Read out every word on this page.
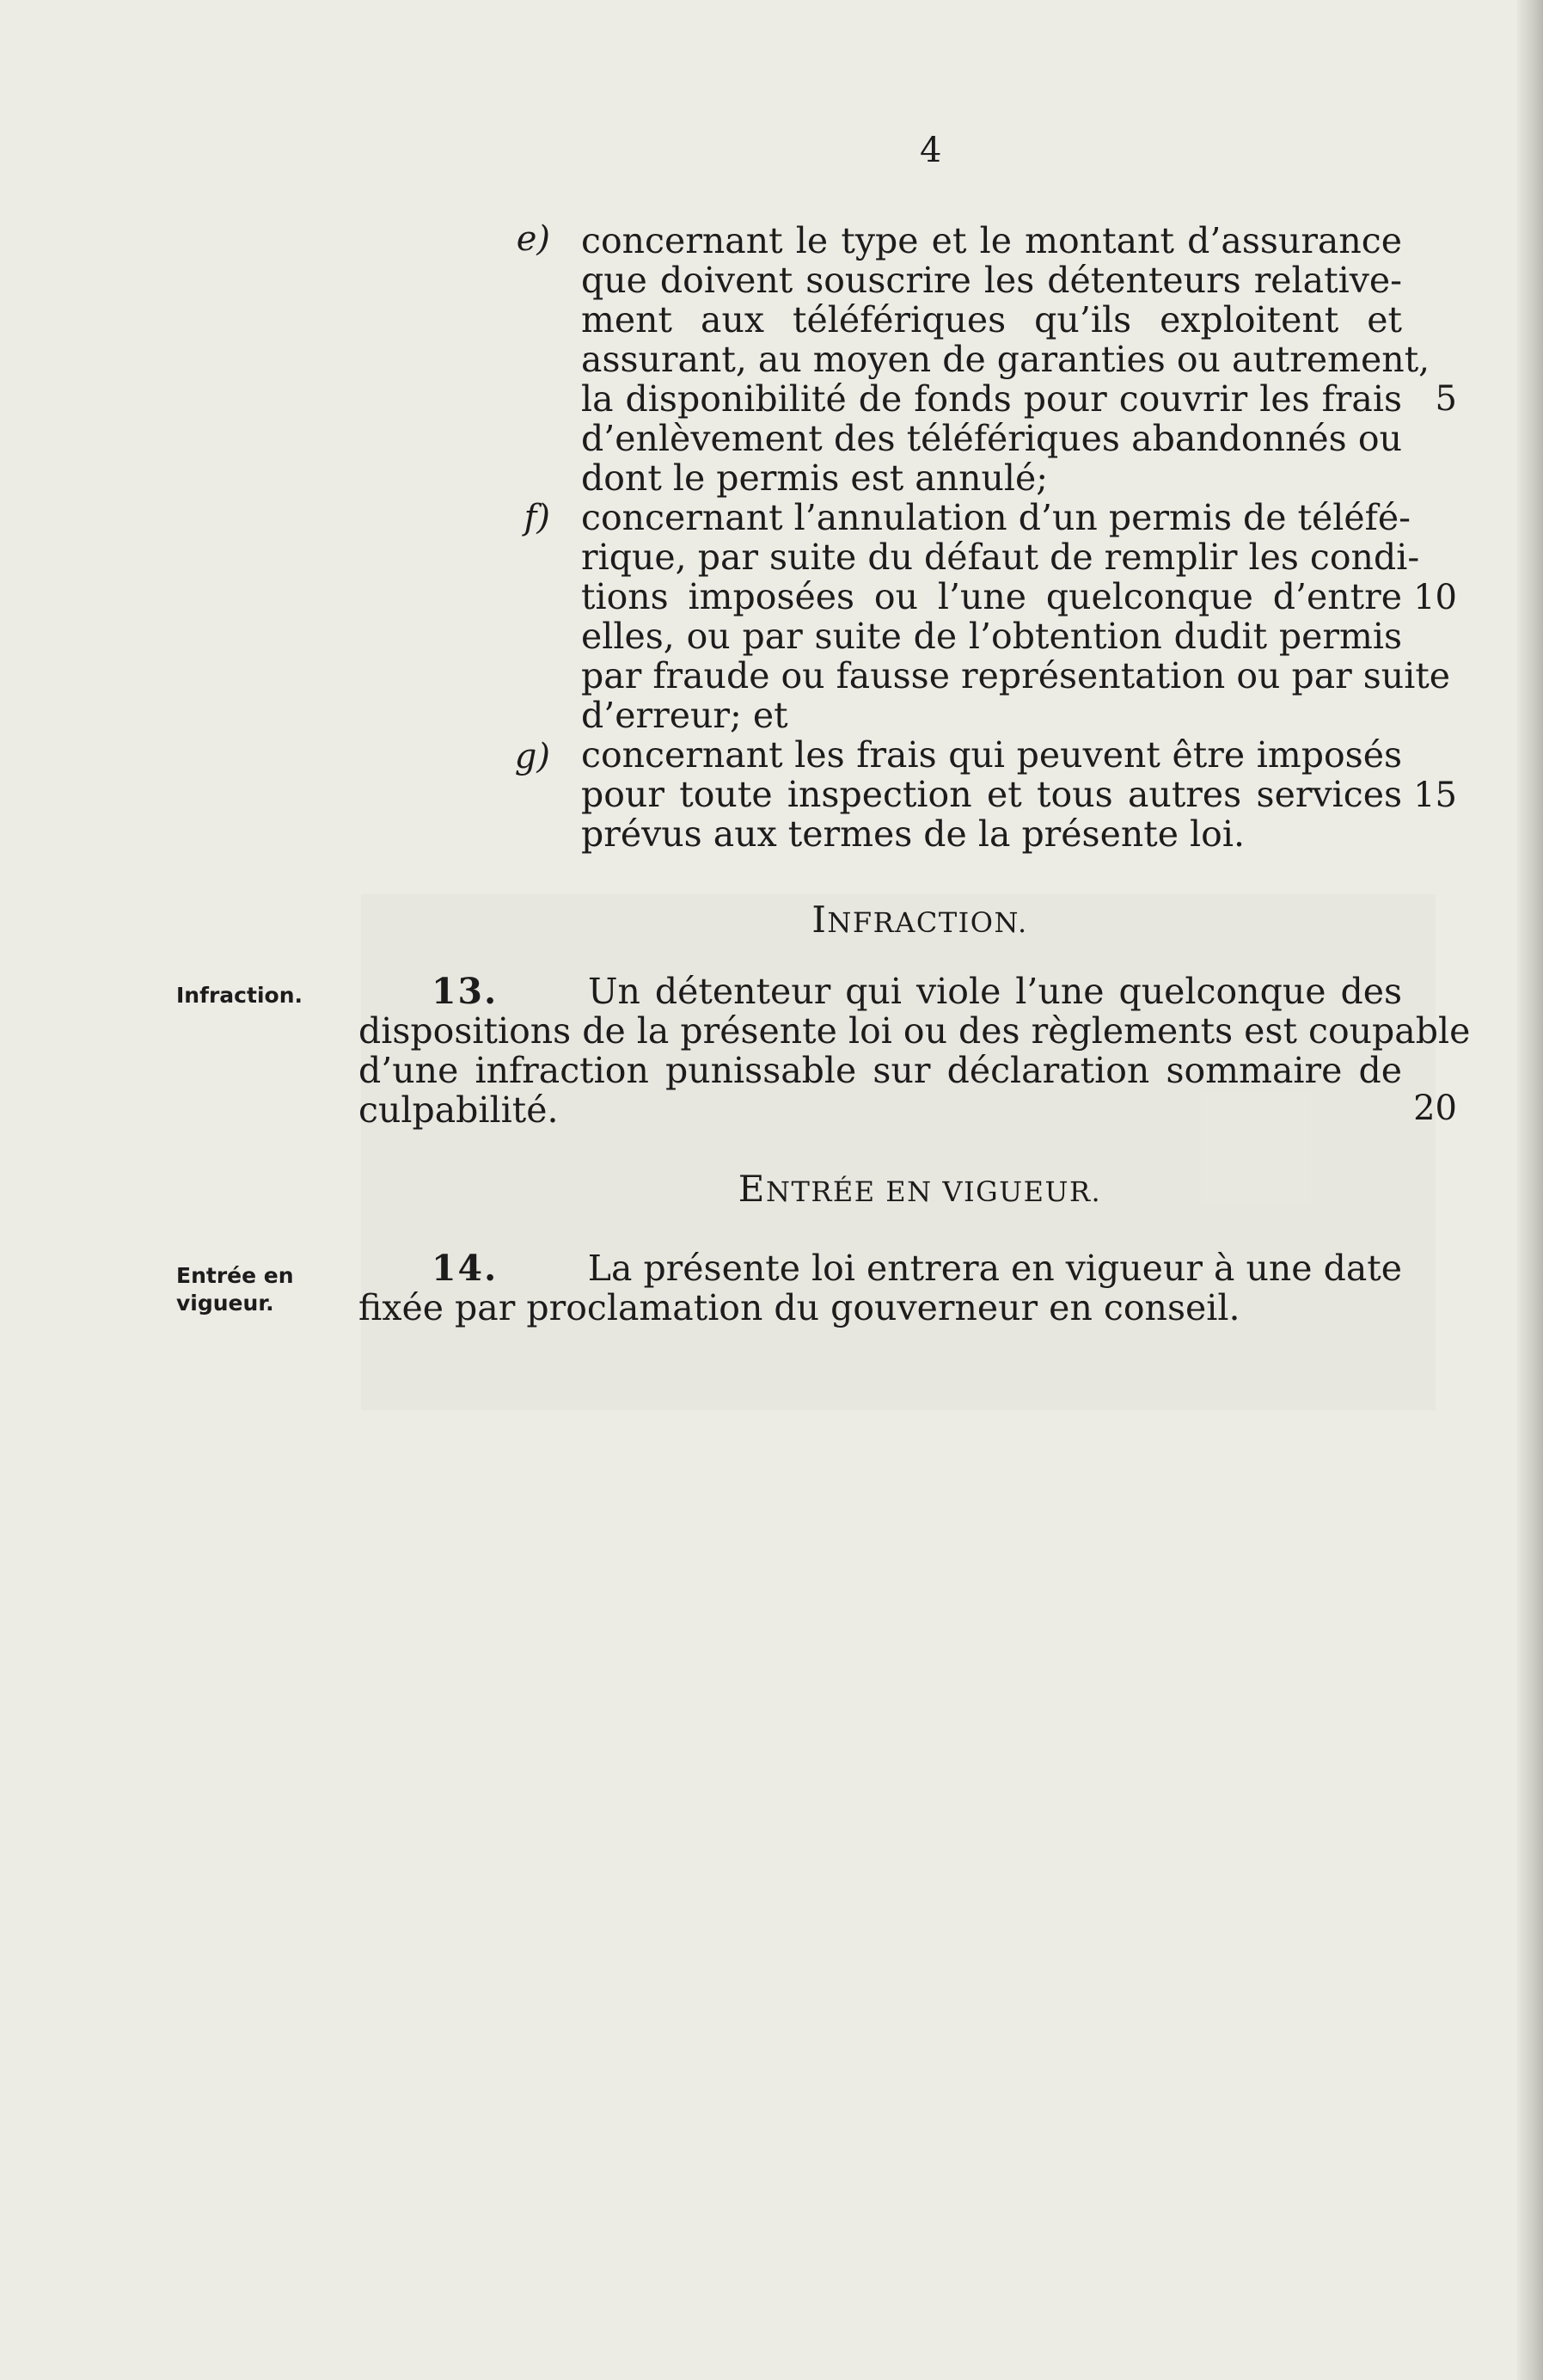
4
e) concernant le type et le montant d’assurance
que doivent souscrire les détenteurs relative-
ment aux téléfériques qu’ils exploitent et
assurant, au moyen de garanties ou autrement,
la disponibilité de fonds pour couvrir les frais
d’enlèvement des téléfériques abandonnés ou
dont le permis est annulé;
f) concernant l’annulation d’un permis de téléfé-
rique, par suite du défaut de remplir les condi-
tions imposées ou l’une quelconque d’entre
elles, ou par suite de l’obtention dudit permis
par fraude ou fausse représentation ou par suite
d’erreur; et
g) concernant les frais qui peuvent être imposés
pour toute inspection et tous autres services
prévus aux termes de la présente loi.
5
10
15
20
INFRACTION.
Infraction.	13.	Un détenteur qui viole l’une quelconque des
dispositions de la présente loi ou des règlements est coupable
d’une infraction punissable sur déclaration sommaire de
culpabilité.
ENTRÉE EN VIGUEUR.
Entrée en
vigueur.
14.	La présente loi entrera en vigueur à une date
fixée par proclamation du gouverneur en conseil.
